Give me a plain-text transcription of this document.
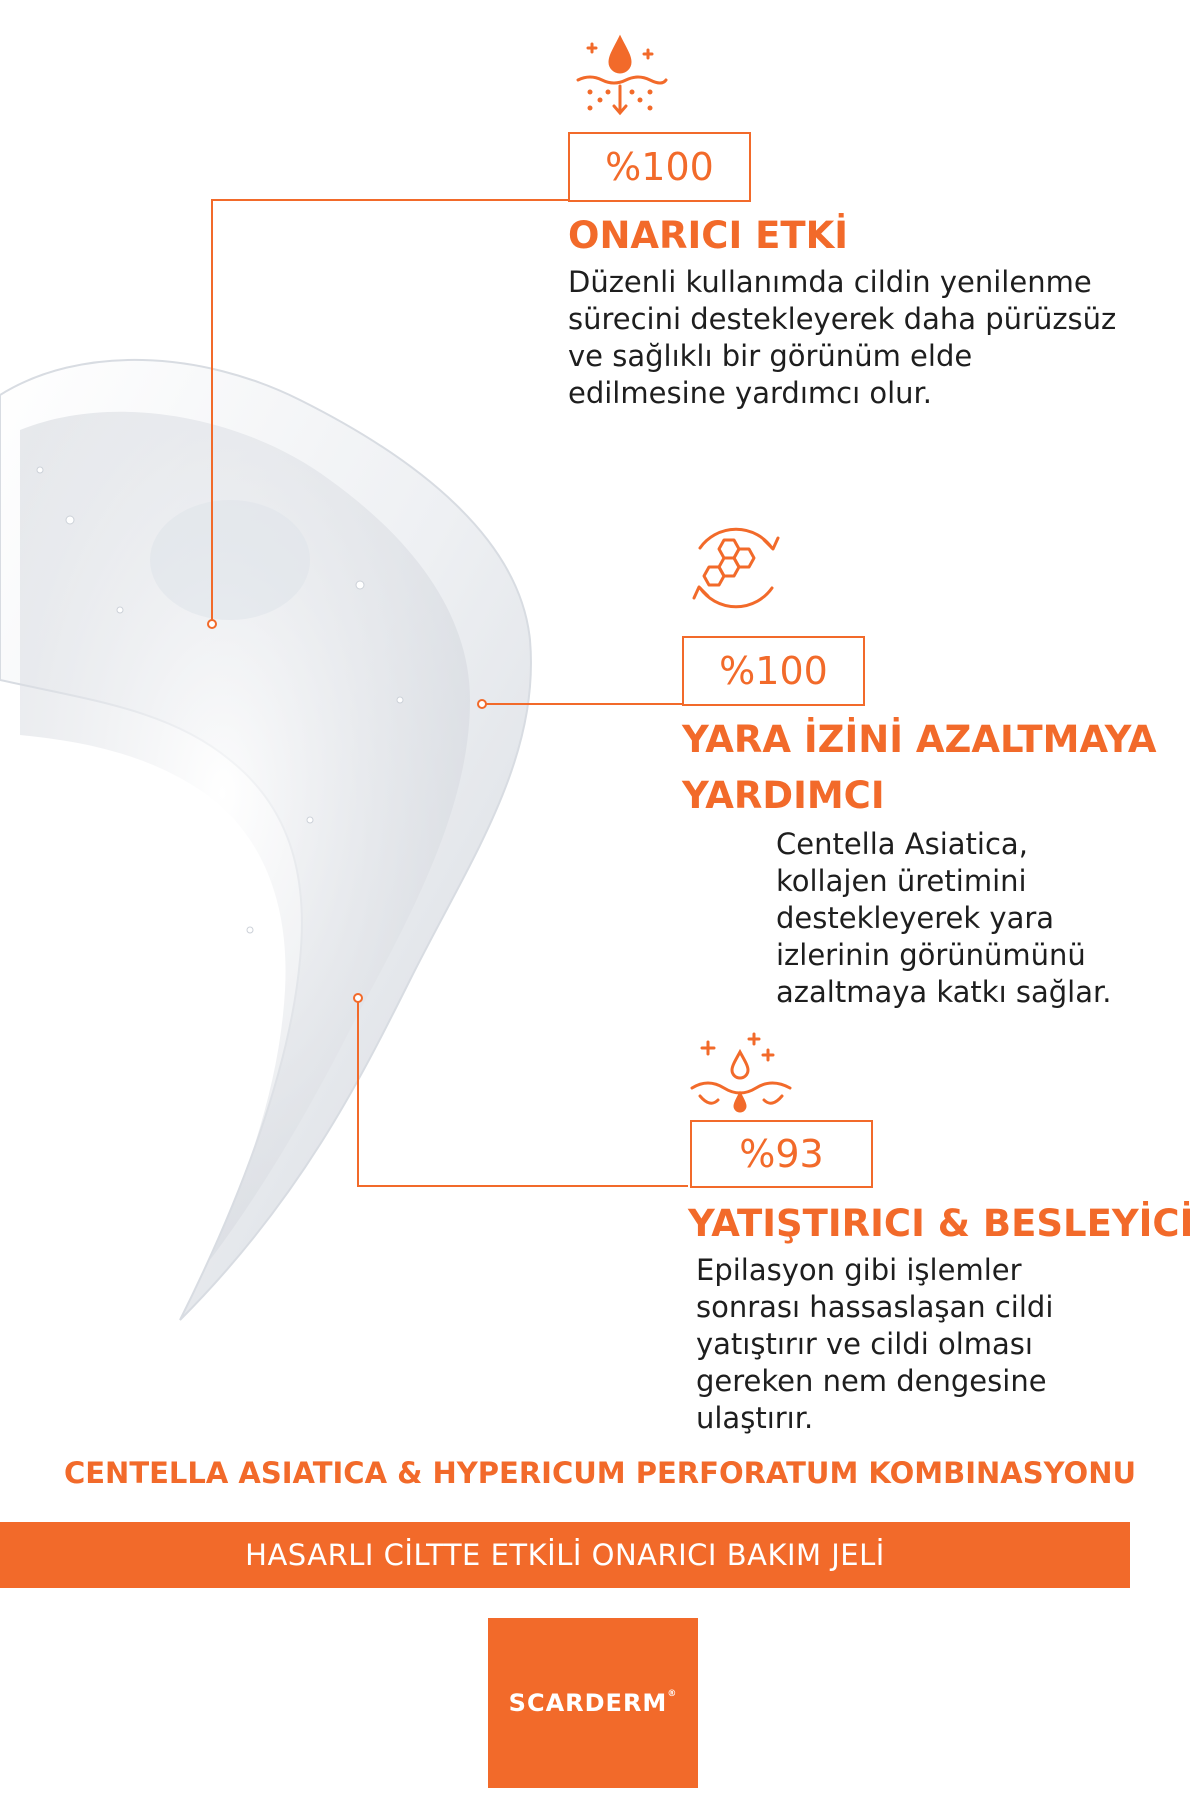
%100
ONARICI ETKİ
Düzenli kullanımda cildin yenilenme
sürecini destekleyerek daha pürüzsüz
ve sağlıklı bir görünüm elde
edilmesine yardımcı olur.
%100
YARA İZİNİ AZALTMAYA
YARDIMCI
Centella Asiatica,
kollajen üretimini
destekleyerek yara
izlerinin görünümünü
azaltmaya katkı sağlar.
%93
YATIŞTIRICI & BESLEYİCİ
Epilasyon gibi işlemler
sonrası hassaslaşan cildi
yatıştırır ve cildi olması
gereken nem dengesine
ulaştırır.

CENTELLA ASIATICA & HYPERICUM PERFORATUM KOMBINASYONU

HASARLI CİLTTE ETKİLİ ONARICI BAKIM JELİ
SCARDERM®
